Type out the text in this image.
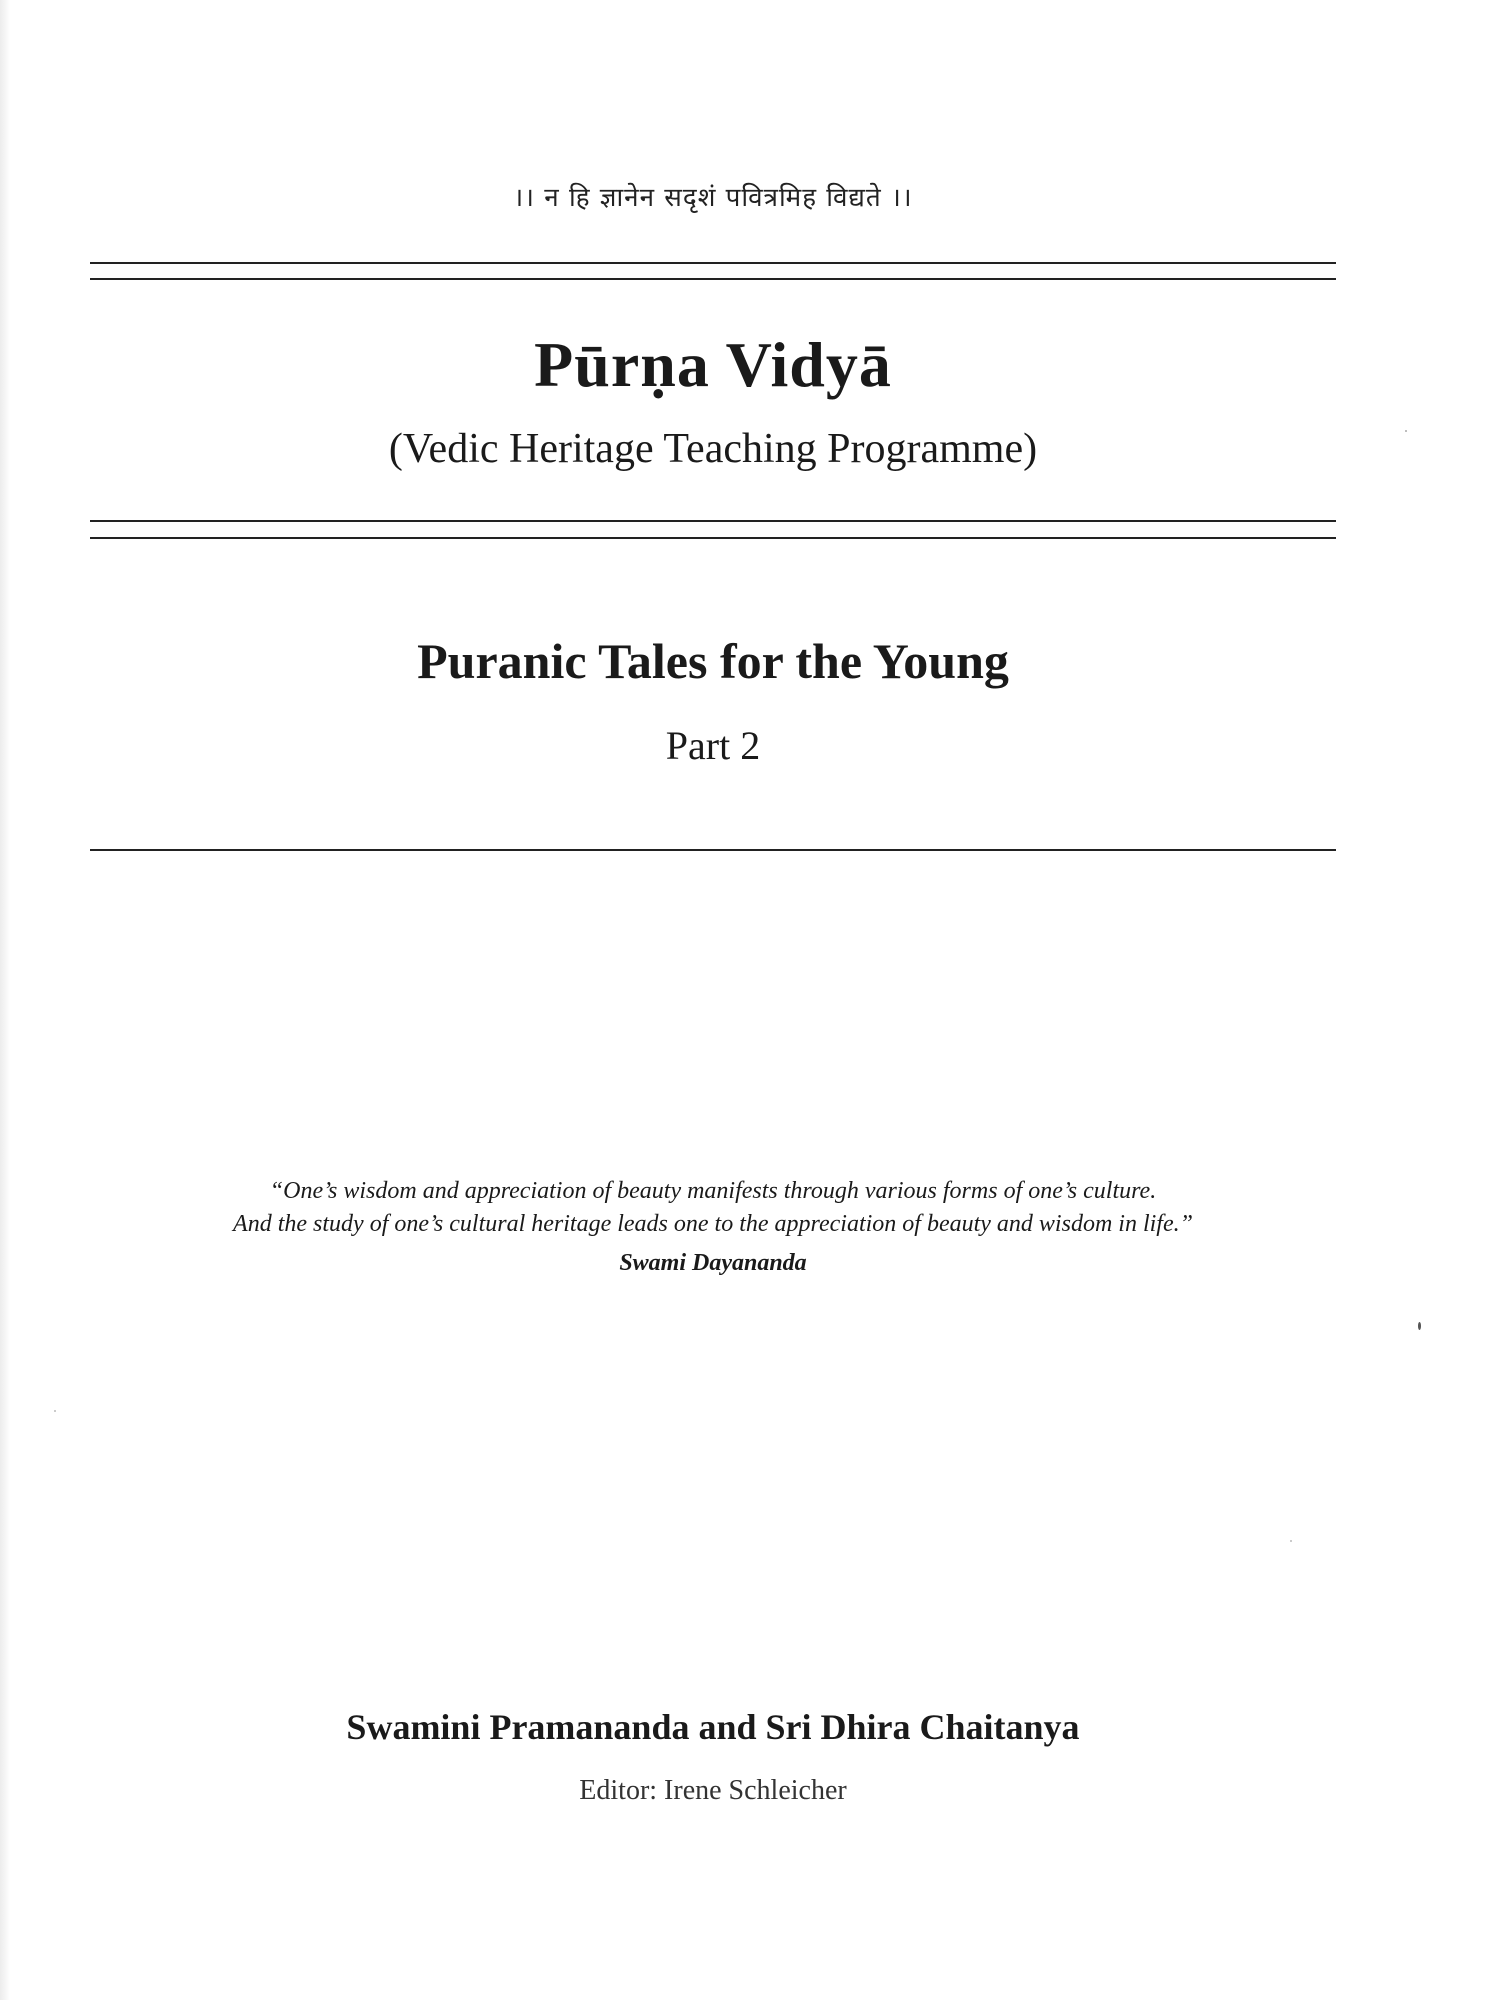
।। न हि ज्ञानेन सदृशं पवित्रमिह विद्यते ।।
Pūrṇa Vidyā
(Vedic Heritage Teaching Programme)
Puranic Tales for the Young
Part 2
“One’s wisdom and appreciation of beauty manifests through various forms of one’s culture.
And the study of one’s cultural heritage leads one to the appreciation of beauty and wisdom in life.”
Swami Dayananda
Swamini Pramananda and Sri Dhira Chaitanya
Editor: Irene Schleicher
